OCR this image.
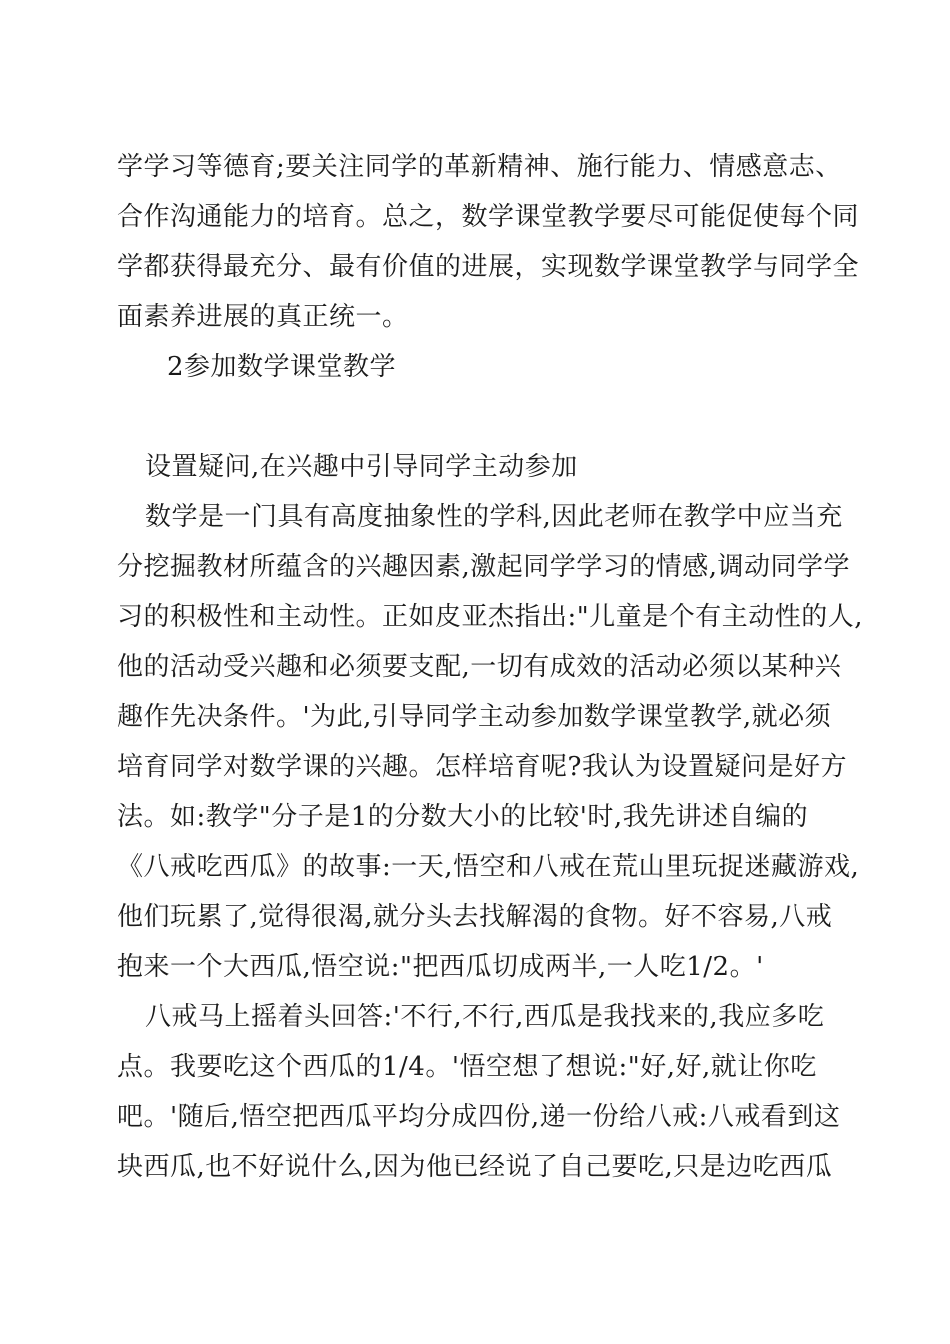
学学习等德育;要关注同学的革新精神、施行能力、情感意志、
合作沟通能力的培育。总之，数学课堂教学要尽可能促使每个同
学都获得最充分、最有价值的进展，实现数学课堂教学与同学全
面素养进展的真正统一。
2参加数学课堂教学
设置疑问,在兴趣中引导同学主动参加
数学是一门具有高度抽象性的学科,因此老师在教学中应当充
分挖掘教材所蕴含的兴趣因素,激起同学学习的情感,调动同学学
习的积极性和主动性。正如皮亚杰指出:"儿童是个有主动性的人,
他的活动受兴趣和必须要支配,一切有成效的活动必须以某种兴
趣作先决条件。'为此,引导同学主动参加数学课堂教学,就必须
培育同学对数学课的兴趣。怎样培育呢?我认为设置疑问是好方
法。如:教学"分子是1的分数大小的比较'时,我先讲述自编的
《八戒吃西瓜》的故事:一天,悟空和八戒在荒山里玩捉迷藏游戏,
他们玩累了,觉得很渴,就分头去找解渴的食物。好不容易,八戒
抱来一个大西瓜,悟空说:"把西瓜切成两半,一人吃1/2。'
八戒马上摇着头回答:'不行,不行,西瓜是我找来的,我应多吃
点。我要吃这个西瓜的1/4。'悟空想了想说:"好,好,就让你吃
吧。'随后,悟空把西瓜平均分成四份,递一份给八戒:八戒看到这
块西瓜,也不好说什么,因为他已经说了自己要吃,只是边吃西瓜
